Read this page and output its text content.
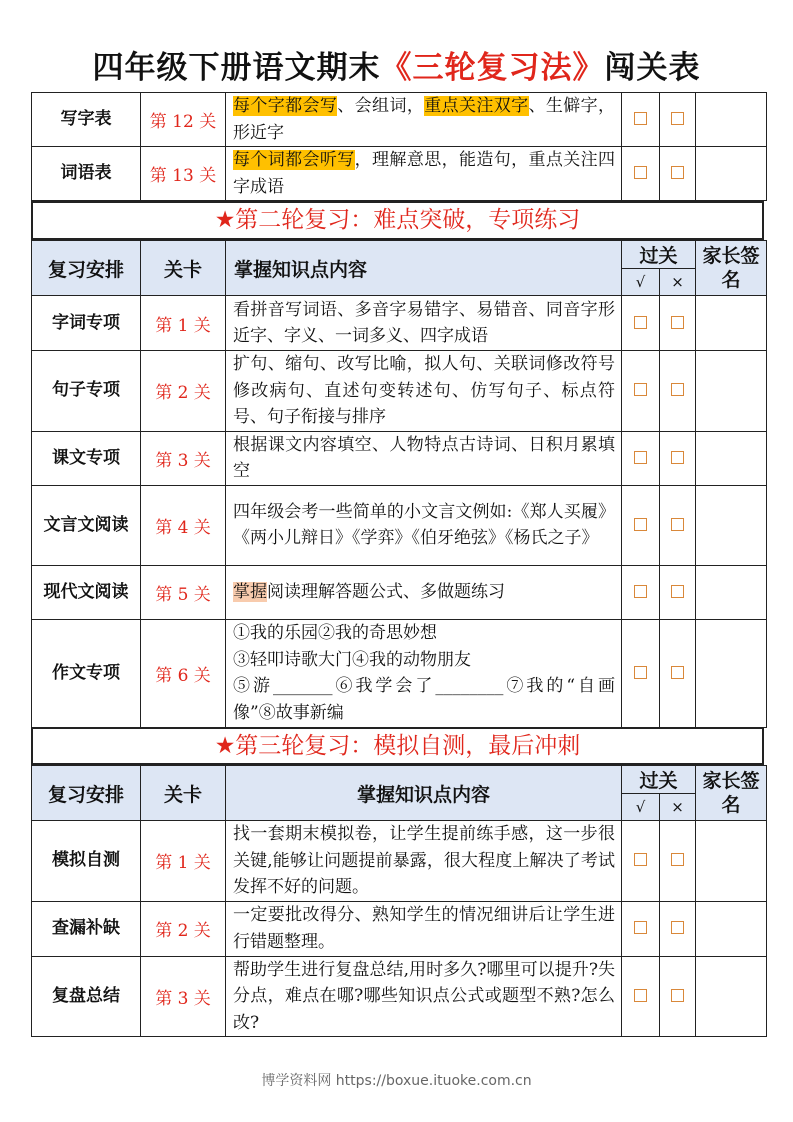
四年级下册语文期末《三轮复习法》闯关表
写字表	第 12 关	每个字都会写、会组词，重点关注双字、生僻字，形近字			
词语表	第 13 关	每个词都会听写，理解意思，能造句，重点关注四字成语			
★第二轮复习：难点突破，专项练习
复习安排	关卡	掌握知识点内容	过关		家长签名
			√	×	
字词专项	第 1 关	看拼音写词语、多音字易错字、易错音、同音字形近字、字义、一词多义、四字成语			
句子专项	第 2 关	扩句、缩句、改写比喻，拟人句、关联词修改符号修改病句、直述句变转述句、仿写句子、标点符号、句子衔接与排序			
课文专项	第 3 关	根据课文内容填空、人物特点古诗词、日积月累填空			
文言文阅读	第 4 关	四年级会考一些简单的小文言文例如:《郑人买履》《两小儿辩日》《学弈》《伯牙绝弦》《杨氏之子》			
现代文阅读	第 5 关	掌握阅读理解答题公式、多做题练习			
作文专项	第 6 关	①我的乐园②我的奇思妙想
③轻叩诗歌大门④我的动物朋友
⑤游_______⑥我学会了________⑦我的“自画像”⑧故事新编			

★第三轮复习：模拟自测，最后冲刺
复习安排	关卡	掌握知识点内容	过关		家长签名
			√	×	
模拟自测	第 1 关	找一套期末模拟卷，让学生提前练手感，这一步很关键,能够让问题提前暴露，很大程度上解决了考试发挥不好的问题。			
查漏补缺	第 2 关	一定要批改得分、熟知学生的情况细讲后让学生进行错题整理。			
复盘总结	第 3 关	帮助学生进行复盘总结,用时多久?哪里可以提升?失分点，难点在哪?哪些知识点公式或题型不熟?怎么改?			
博学资料网 https://boxue.ituoke.com.cn
